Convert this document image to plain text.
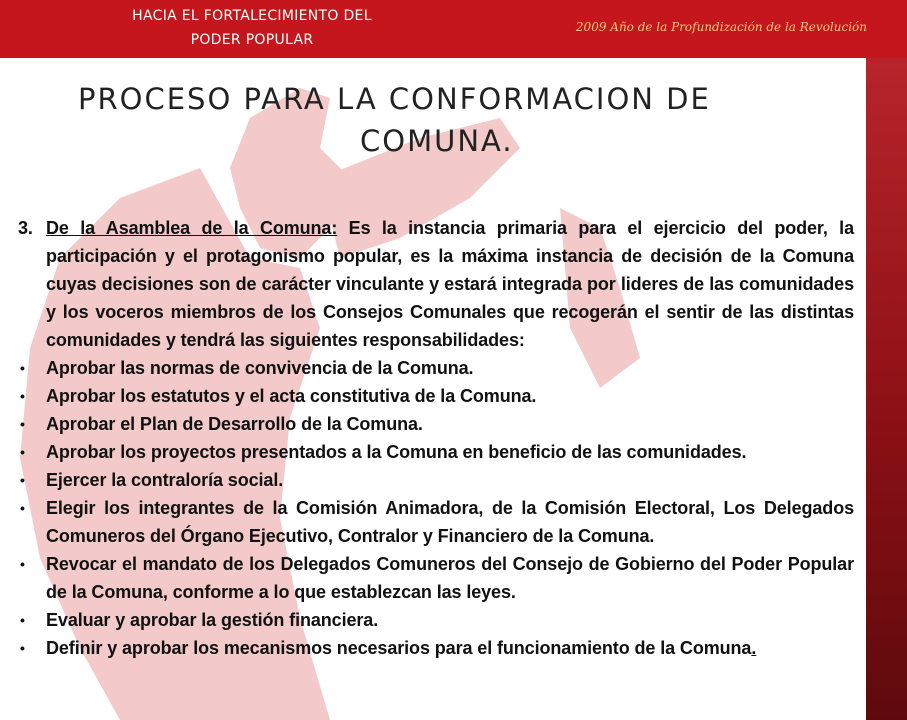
HACIA EL FORTALECIMIENTO DEL
PODER POPULAR
2009 Año de la Profundización de la Revolución
PROCESO PARA LA CONFORMACION DE
COMUNA.

3. De la Asamblea de la Comuna: Es la instancia primaria para el ejercicio del poder, la participación y el protagonismo popular, es la máxima instancia de decisión de la Comuna cuyas decisiones son de carácter vinculante y estará integrada por lideres de las comunidades y los voceros miembros de los Consejos Comunales que recogerán el sentir de las distintas comunidades y tendrá las siguientes responsabilidades:

• Aprobar las normas de convivencia de la Comuna.
• Aprobar los estatutos y el acta constitutiva de la Comuna.
• Aprobar el Plan de Desarrollo de la Comuna.
• Aprobar los proyectos presentados a la Comuna en beneficio de las comunidades.
• Ejercer la contraloría social.
• Elegir los integrantes de la Comisión Animadora, de la Comisión Electoral, Los Delegados Comuneros del Órgano Ejecutivo, Contralor y Financiero de la Comuna.
• Revocar el mandato de los Delegados Comuneros del Consejo de Gobierno del Poder Popular de la Comuna, conforme a lo que establezcan las leyes.
• Evaluar y aprobar la gestión financiera.
• Definir y aprobar los mecanismos necesarios para el funcionamiento de la Comuna.
